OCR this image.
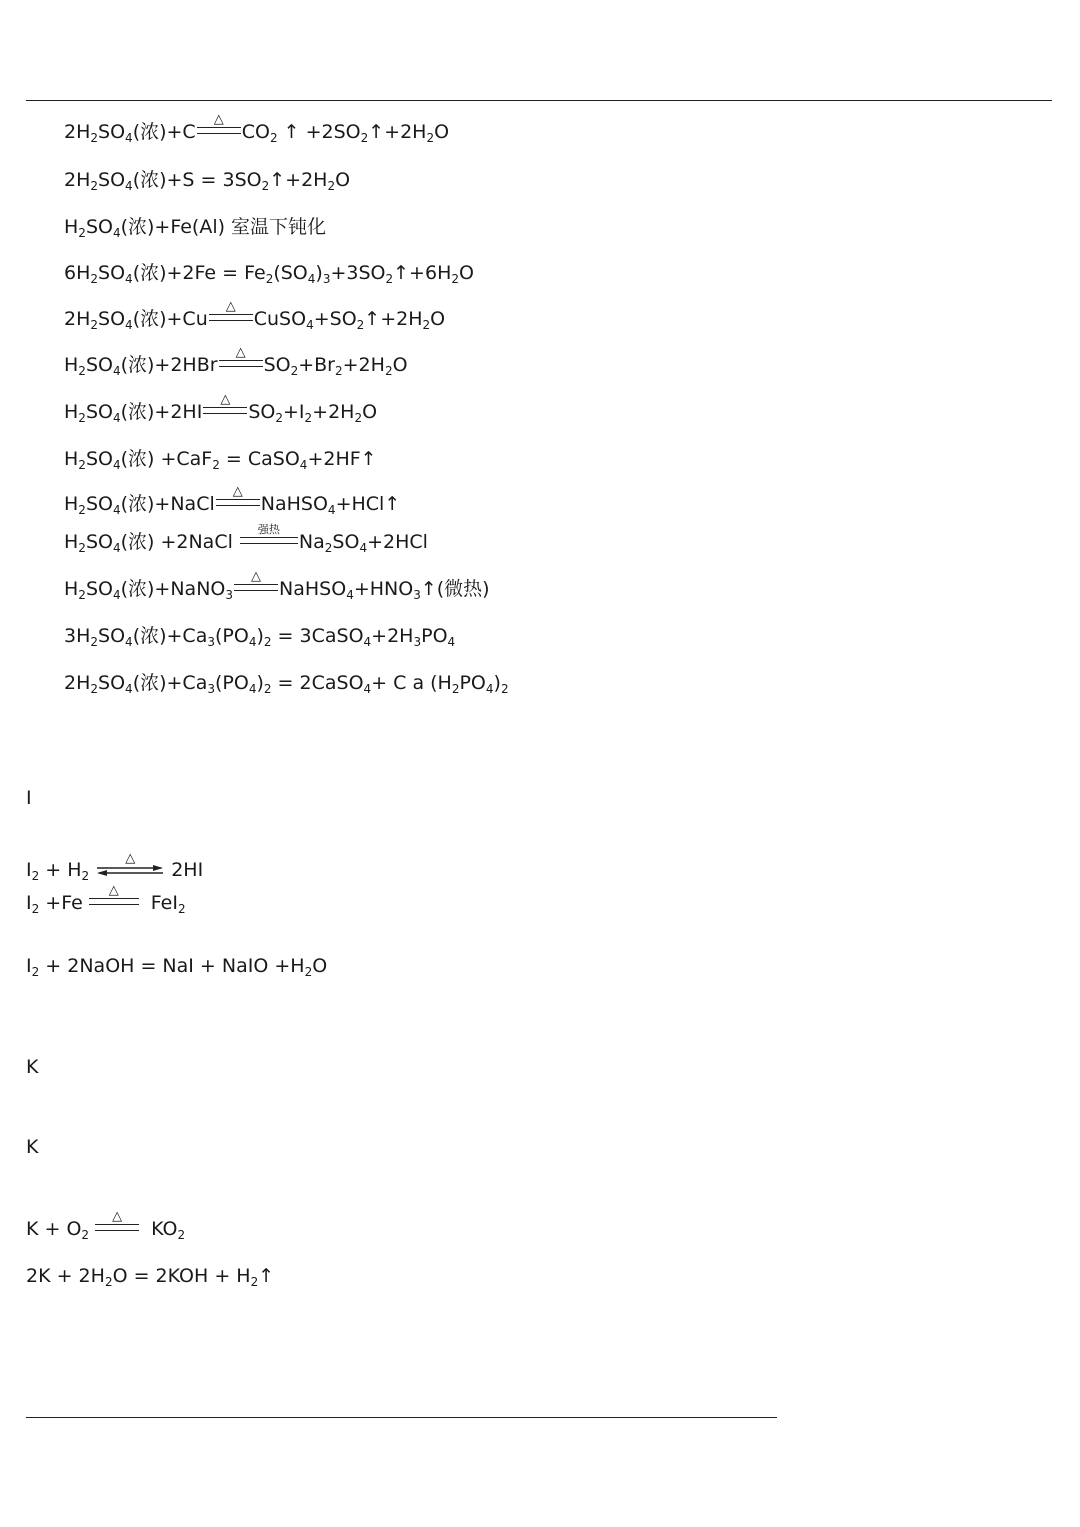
$2H_2SO_4$(浓)+C
△
$CO_2$ ↑ $+2SO_2↑+2H_2O$
$2H_2SO_4$(浓)$+S = 3SO_2↑+2H_2O$
$H_2SO_4$(浓)+Fe(Al) 室温下钝化
$6H_2SO_4$(浓)$+2Fe = Fe_2(SO_4)_3+3SO_2↑+6H_2O$
$2H_2SO_4$(浓)+Cu
△
$CuSO_4+SO_2↑+2H_2O$
$H_2SO_4$(浓)+2HBr
△
$SO_2+Br_2+2H_2O$
$H_2SO_4$(浓)+2HI
△
$SO_2+I_2+2H_2O$
$H_2SO_4$(浓) +CaF$_2$ = CaSO$_4$+2HF↑
$H_2SO_4$(浓)+NaCl
△
NaHSO$_4$+HCl↑
$H_2SO_4$(浓) +2NaCl
强热
$Na_2SO_4+2HCl$
$H_2SO_4$(浓)+NaNO$_3$
△
$NaHSO_4+HNO_3↑$(微热)
$3H_2SO_4$(浓)$+Ca_3(PO_4)_2$ = $3CaSO_4+2H_3PO_4$
$2H_2SO_4$(浓)$+Ca_3(PO_4)_2$ = 2CaSO$_4$+ C a $(H_2PO_4)_2$
I
$I_2 + H_2$
△
2HI
$I_2 +Fe$
△
FeI$_2$
$I_2$ + 2NaOH = NaI + NaIO $+H_2O$
K
K
$K + O_2$
△
$KO_2$
$2K + 2H_2O = 2KOH$ + $H_2↑$
